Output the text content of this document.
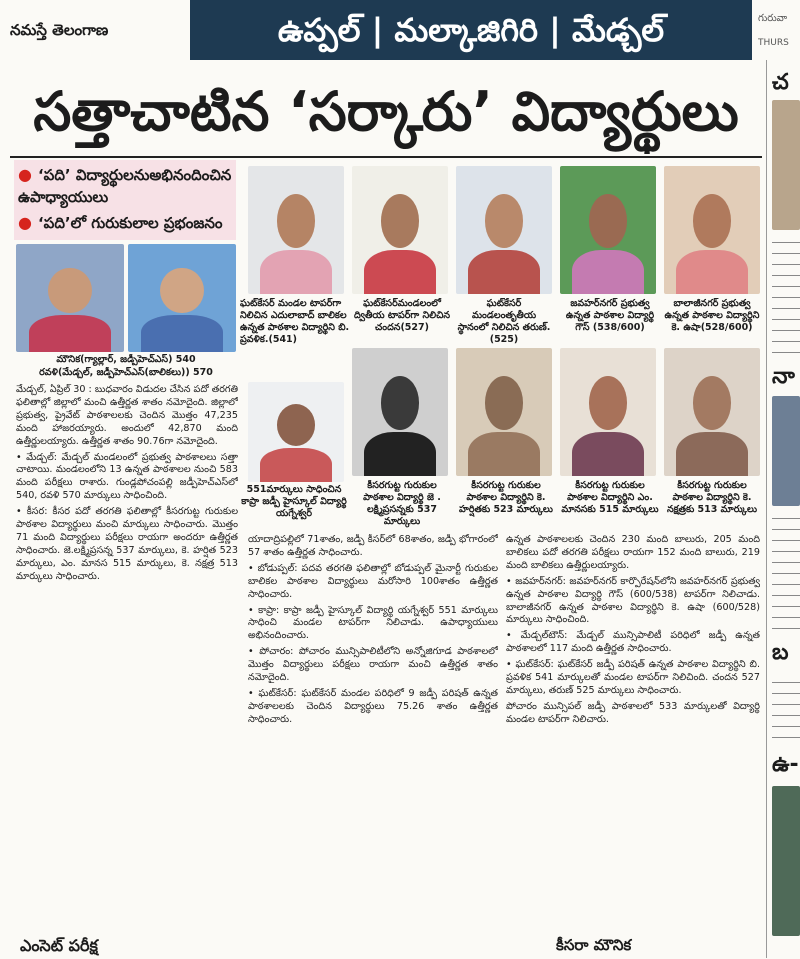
నమస్తే తెలంగాణ	ఉప్పల్ | మల్కాజిగిరి | మేడ్చల్	గురువా
THURS
సత్తాచాటిన ‘సర్కారు’ విద్యార్థులు
● ‘పది’ విద్యార్థులనుఅభినందించిన ఉపాధ్యాయులు
● ‘పది’లో గురుకులాల ప్రభంజనం
మౌనిక(గ్యాల్లార్, జడ్పీహెచ్‌ఎస్) 540
రవళి(మేడ్చల్, జడ్పీహెచ్‌ఎస్(బాలికలు)) 570
ఘట్‌కేసర్ మండల టాపర్‌గా నిలిచిన ఎదులాబాద్ బాలికల ఉన్నత పాఠశాల విద్యార్థిని బి. ప్రవళిక.(541)
ఘట్‌కేసర్‌మండలంలో ద్వితీయ టాపర్‌గా నిలిచిన చందన(527)
ఘట్‌కేసర్ మండలంతృతీయ స్థానంలో నిలిచిన తరుణ్.(525)
జవహర్‌నగర్ ప్రభుత్వ ఉన్నత పాఠశాల విద్యార్థి గౌస్ (538/600)
బాలాజీనగర్ ప్రభుత్వ ఉన్నత పాఠశాల విద్యార్థిని కె. ఉషా(528/600)
551మార్కులు సాధించిన కాప్రా జడ్పీ హైస్కూల్ విద్యార్థి యగ్నేశ్వర్
కీసరగుట్ట గురుకుల పాఠశాల విద్యార్థి జె . లక్ష్మిప్రసన్నకు 537 మార్కులు
కీసరగుట్ట గురుకుల పాఠశాల విద్యార్థిని కె. హర్షితకు 523 మార్కులు
కీసరగుట్ట గురుకుల పాఠశాల విద్యార్థిని ఎం. మానసకు 515 మార్కులు
కీసరగుట్ట గురుకుల పాఠశాల విద్యార్థిని కె. నక్షత్రకు 513 మార్కులు

మేడ్చల్, ఏప్రిల్ 30 : బుధవారం విడుదల చేసిన పదో తరగతి ఫలితాల్లో జిల్లాలో మంచి ఉత్తీర్ణత శాతం నమోదైంది. జిల్లాలో ప్రభుత్వ, ప్రైవేట్ పాఠశాలలకు చెందిన మొత్తం 47,235 మంది హాజరయ్యారు. అందులో 42,870 మంది ఉత్తీర్ణులయ్యారు. ఉత్తీర్ణత శాతం 90.76గా నమోదైంది.

• మేడ్చల్: మేడ్చల్ మండలంలో ప్రభుత్వ పాఠశాలలు సత్తా చాటాయి. మండలంలోని 13 ఉన్నత పాఠశాలల నుంచి 583 మంది పరీక్షలు రాశారు. గుండ్లపోచంపల్లి జడ్పీహెచ్‌ఎస్‌లో 540, రవళి 570 మార్కులు సాధించింది.

• కీసర: కీసర పదో తరగతి ఫలితాల్లో కీసరగుట్ట గురుకుల పాఠశాల విద్యార్థులు మంచి మార్కులు సాధించారు. మొత్తం 71 మంది విద్యార్థులు పరీక్షలు రాయగా అందరూ ఉత్తీర్ణత సాధించారు. జె.లక్ష్మిప్రసన్న 537 మార్కులు, కె. హర్షిత 523 మార్కులు, ఎం. మానస 515 మార్కులు, కె. నక్షత్ర 513 మార్కులు సాధించారు.

యాదాద్రిపల్లిలో 71శాతం, జడ్పీ కీసర్‌లో 68శాతం, జడ్పీ భోగారంలో 57 శాతం ఉత్తీర్ణత సాధించారు.

• బోడుప్పల్: పదవ తరగతి ఫలితాల్లో బోడుప్పల్ మైనార్టీ గురుకుల బాలికల పాఠశాల విద్యార్థులు మరోసారి 100శాతం ఉత్తీర్ణత సాధించారు.

• కాప్రా: కాప్రా జడ్పీ హైస్కూల్ విద్యార్థి యగ్నేశ్వర్ 551 మార్కులు సాధించి మండల టాపర్‌గా నిలిచాడు. ఉపాధ్యాయులు అభినందించారు.

• పోచారం: పోచారం మున్సిపాలిటీలోని అన్నోజిగూడ పాఠశాలలో మొత్తం విద్యార్థులు పరీక్షలు రాయగా మంచి ఉత్తీర్ణత శాతం నమోదైంది.

• ఘట్‌కేసర్: ఘట్‌కేసర్ మండల పరిధిలో 9 జడ్పీ పరిషత్ ఉన్నత పాఠశాలలకు చెందిన విద్యార్థులు 75.26 శాతం ఉత్తీర్ణత సాధించారు.

ఉన్నత పాఠశాలలకు చెందిన 230 మంది బాలురు, 205 మంది బాలికలు పదో తరగతి పరీక్షలు రాయగా 152 మంది బాలురు, 219 మంది బాలికలు ఉత్తీర్ణులయ్యారు.

• జవహర్‌నగర్: జవహర్‌నగర్ కార్పొరేషన్‌లోని జవహర్‌నగర్ ప్రభుత్వ ఉన్నత పాఠశాల విద్యార్థి గౌస్ (600/538) టాపర్‌గా నిలిచాడు. బాలాజీనగర్ ఉన్నత పాఠశాల విద్యార్థిని కె. ఉషా (600/528) మార్కులు సాధించింది.

• మేడ్చల్‌టౌన్: మేడ్చల్ మున్సిపాలిటీ పరిధిలో జడ్పీ ఉన్నత పాఠశాలలో 117 మంది ఉత్తీర్ణత సాధించారు.

• ఘట్‌కేసర్: ఘట్‌కేసర్ జడ్పీ పరిషత్ ఉన్నత పాఠశాల విద్యార్థిని బి. ప్రవళిక 541 మార్కులతో మండల టాపర్‌గా నిలిచింది. చందన 527 మార్కులు, తరుణ్ 525 మార్కులు సాధించారు.

పోచారం మున్సిపల్ జడ్పీ పాఠశాలలో 533 మార్కులతో విద్యార్థి మండల టాపర్‌గా నిలిచారు.

చ
నా
బ
ఉ-
ఎంసెట్ పరీక్ష	కీసరా మౌనిక
